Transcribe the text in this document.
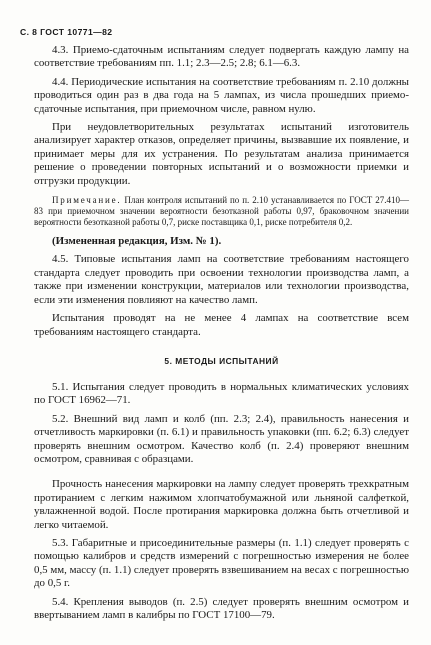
С. 8 ГОСТ 10771—82

4.3. Приемо-сдаточным испытаниям следует подвергать каждую лампу на соответствие требованиям пп. 1.1; 2.3—2.5; 2.8; 6.1—6.3.

4.4. Периодические испытания на соответствие требованиям п. 2.10 должны проводиться один раз в два года на 5 лампах, из числа прошедших приемо-сдаточные испытания, при приемочном числе, равном нулю.

При неудовлетворительных результатах испытаний изготовитель анализирует характер отказов, определяет причины, вызвавшие их появление, и принимает меры для их устранения. По результатам анализа принимается решение о проведении повторных испытаний и о возможности приемки и отгрузки продукции.

Примечание. План контроля испытаний по п. 2.10 устанавливается по ГОСТ 27.410—83 при приемочном значении вероятности безотказной работы 0,97, браковочном значении вероятности безотказной работы 0,7, риске поставщика 0,1, риске потребителя 0,2.

(Измененная редакция, Изм. № 1).

4.5. Типовые испытания ламп на соответствие требованиям настоящего стандарта следует проводить при освоении технологии производства ламп, а также при изменении конструкции, материалов или технологии производства, если эти изменения повлияют на качество ламп.

Испытания проводят на не менее 4 лампах на соответствие всем требованиям настоящего стандарта.

5. МЕТОДЫ ИСПЫТАНИЙ

5.1. Испытания следует проводить в нормальных климатических условиях по ГОСТ 16962—71.

5.2. Внешний вид ламп и колб (пп. 2.3; 2.4), правильность нанесения и отчетливость маркировки (п. 6.1) и правильность упаковки (пп. 6.2; 6.3) следует проверять внешним осмотром. Качество колб (п. 2.4) проверяют внешним осмотром, сравнивая с образцами.

Прочность нанесения маркировки на лампу следует проверять трехкратным протиранием с легким нажимом хлопчатобумажной или льняной салфеткой, увлажненной водой. После протирания маркировка должна быть отчетливой и легко читаемой.

5.3. Габаритные и присоединительные размеры (п. 1.1) следует проверять с помощью калибров и средств измерений с погрешностью измерения не более 0,5 мм, массу (п. 1.1) следует проверять взвешиванием на весах с погрешностью до 0,5 г.

5.4. Крепления выводов (п. 2.5) следует проверять внешним осмотром и ввертыванием ламп в калибры по ГОСТ 17100—79.
